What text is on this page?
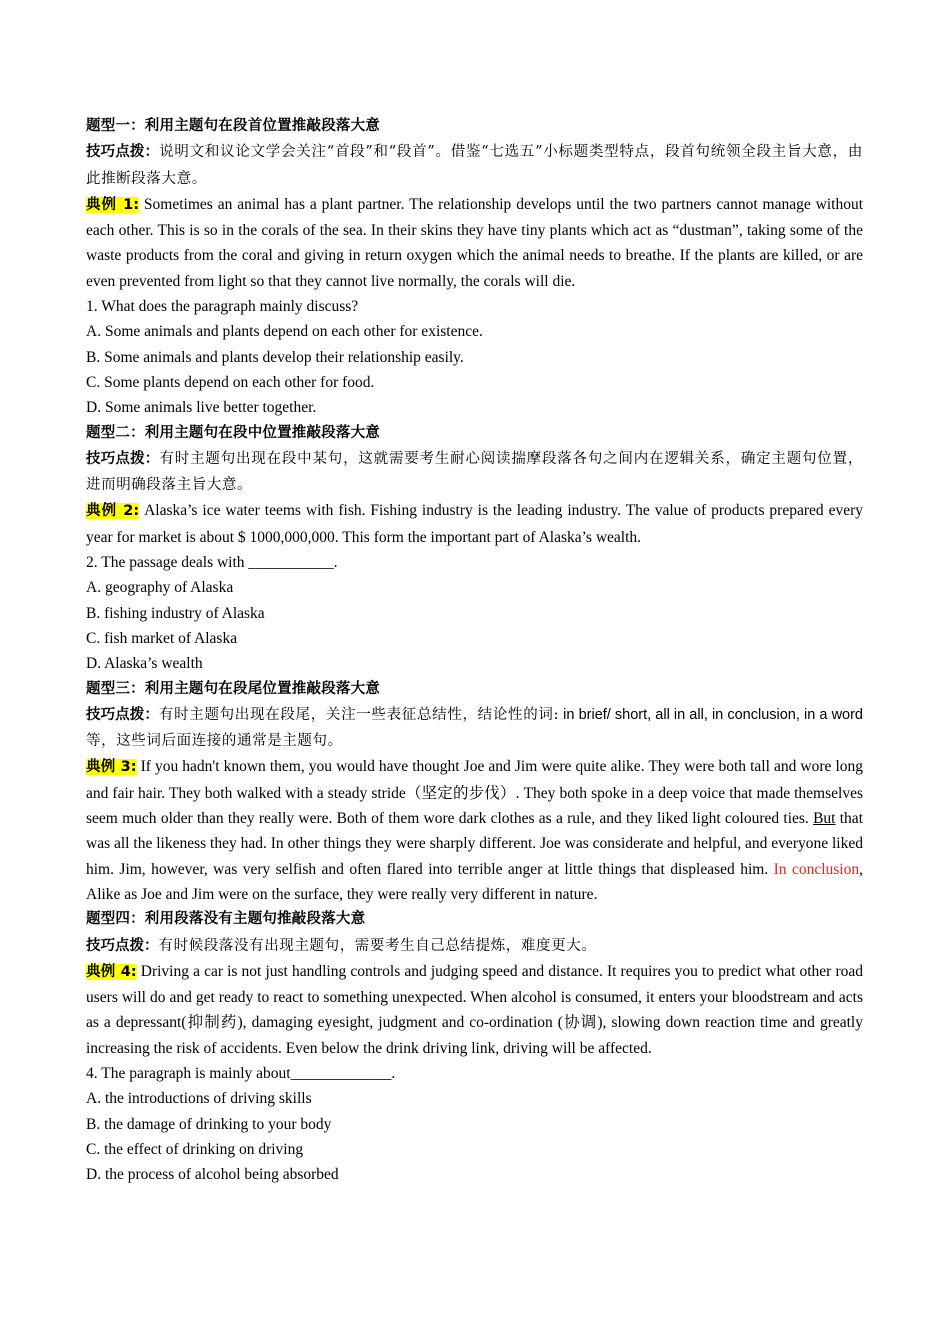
题型一：利用主题句在段首位置推敲段落大意
技巧点拨：说明文和议论文学会关注“首段”和“段首”。借鉴“七选五”小标题类型特点，段首句统领全段主旨大意，由此推断段落大意。
典例 1: Sometimes an animal has a plant partner. The relationship develops until the two partners cannot manage without each other. This is so in the corals of the sea. In their skins they have tiny plants which act as “dustman”, taking some of the waste products from the coral and giving in return oxygen which the animal needs to breathe. If the plants are killed, or are even prevented from light so that they cannot live normally, the corals will die.
1. What does the paragraph mainly discuss?
A. Some animals and plants depend on each other for existence.
B. Some animals and plants develop their relationship easily.
C. Some plants depend on each other for food.
D. Some animals live better together.
题型二：利用主题句在段中位置推敲段落大意
技巧点拨：有时主题句出现在段中某句，这就需要考生耐心阅读揣摩段落各句之间内在逻辑关系，确定主题句位置，进而明确段落主旨大意。
典例 2: Alaska’s ice water teems with fish. Fishing industry is the leading industry. The value of products prepared every year for market is about $ 1000,000,000. This form the important part of Alaska’s wealth.
2. The passage deals with ___________.
A. geography of Alaska
B. fishing industry of Alaska
C. fish market of Alaska
D. Alaska’s wealth
题型三：利用主题句在段尾位置推敲段落大意
技巧点拨：有时主题句出现在段尾，关注一些表征总结性，结论性的词: in brief/ short, all in all, in conclusion, in a word 等，这些词后面连接的通常是主题句。
典例 3: If you hadn't known them, you would have thought Joe and Jim were quite alike. They were both tall and wore long and fair hair. They both walked with a steady stride（坚定的步伐）. They both spoke in a deep voice that made themselves seem much older than they really were. Both of them wore dark clothes as a rule, and they liked light coloured ties. But that was all the likeness they had. In other things they were sharply different. Joe was considerate and helpful, and everyone liked him. Jim, however, was very selfish and often flared into terrible anger at little things that displeased him. In conclusion, Alike as Joe and Jim were on the surface, they were really very different in nature.
题型四：利用段落没有主题句推敲段落大意
技巧点拨：有时候段落没有出现主题句，需要考生自己总结提炼，难度更大。
典例 4: Driving a car is not just handling controls and judging speed and distance. It requires you to predict what other road users will do and get ready to react to something unexpected. When alcohol is consumed, it enters your bloodstream and acts as a depressant(抑制药), damaging eyesight, judgment and co-ordination (协调), slowing down reaction time and greatly increasing the risk of accidents. Even below the drink driving link, driving will be affected.
4. The paragraph is mainly about_____________.
A. the introductions of driving skills
B. the damage of drinking to your body
C. the effect of drinking on driving
D. the process of alcohol being absorbed
